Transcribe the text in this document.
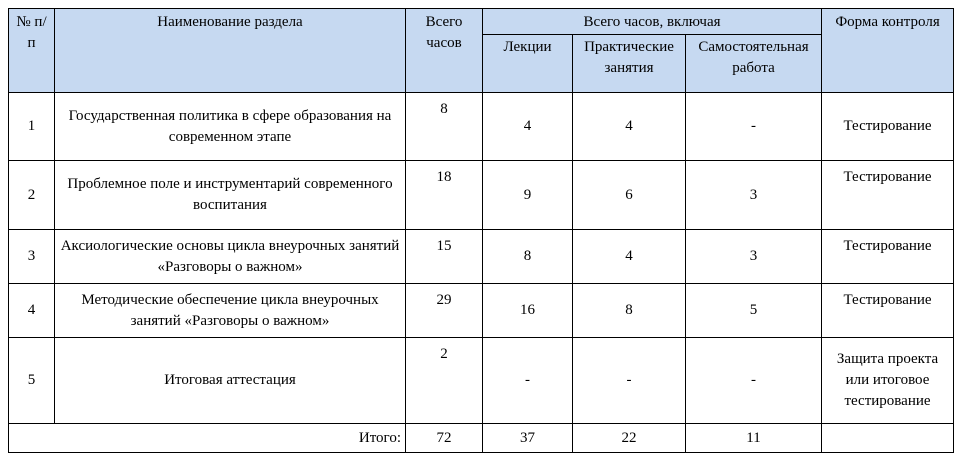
№ п/п	Наименование раздела	Всего часов	Всего часов, включая			Форма контроля
			Лекции	Практические занятия	Самостоятельная работа	
1	Государственная политика в сфере образования на современном этапе	8	4	4	-	Тестирование
2	Проблемное поле и инструментарий современного воспитания	18	9	6	3	Тестирование
3	Аксиологические основы цикла внеурочных занятий «Разговоры о важном»	15	8	4	3	Тестирование
4	Методические обеспечение цикла внеурочных занятий «Разговоры о важном»	29	16	8	5	Тестирование
5	Итоговая аттестация	2	-	-	-	Защита проекта или итоговое тестирование
Итого:		72	37	22	11	
